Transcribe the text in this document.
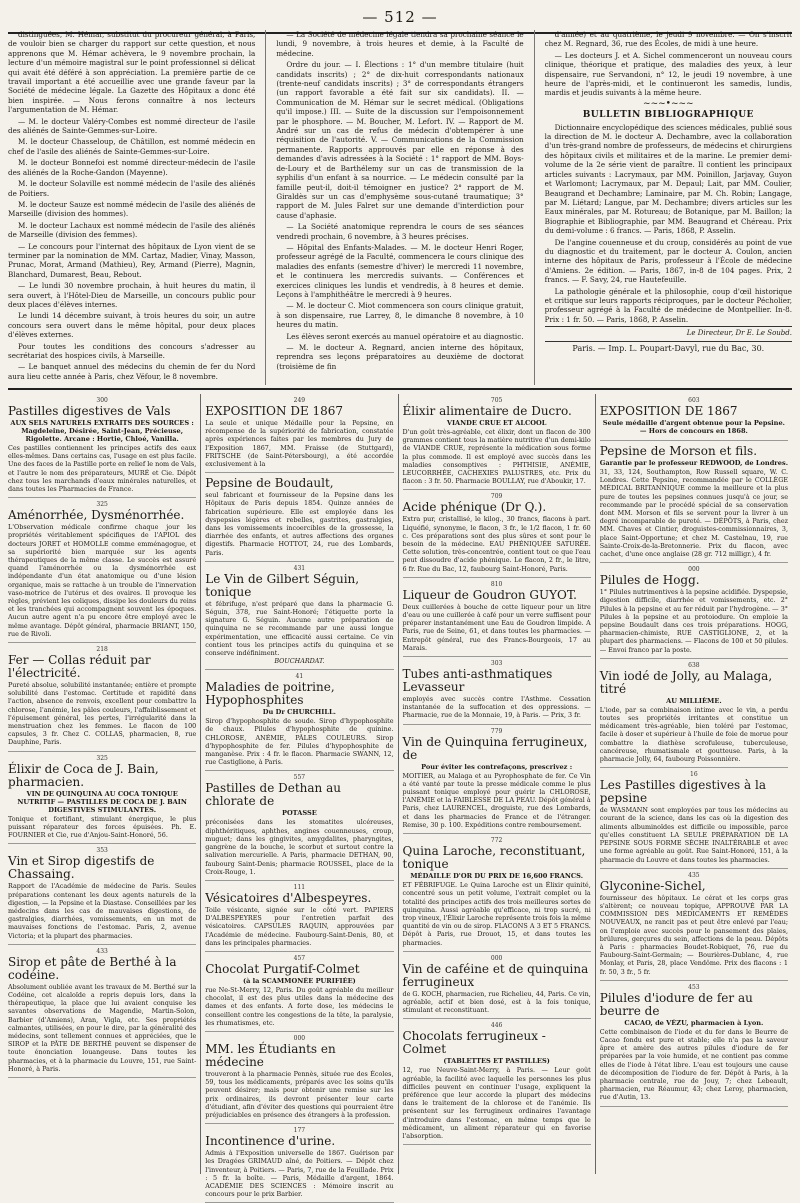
— 512 —

distinguées, M. Hémar, substitut du procureur général, à Paris, de vouloir bien se charger du rapport sur cette question, et nous apprenons que M. Hémar achèvera, le 9 novembre prochain, la lecture d'un mémoire magistral sur le point professionnel si délicat qui avait été déféré à son appréciation. La première partie de ce travail important a été accueillie avec une grande faveur par la Société de médecine légale. La Gazette des Hôpitaux a donc été bien inspirée. — Nous ferons connaître à nos lecteurs l'argumentation de M. Hémar.

— M. le docteur Valéry-Combes est nommé directeur de l'asile des aliénés de Sainte-Gemmes-sur-Loire.

M. le docteur Chasseloup, de Châtillon, est nommé médecin en chef de l'asile des aliénés de Sainte-Gemmes-sur-Loire.

M. le docteur Bonnefoi est nommé directeur-médecin de l'asile des aliénés de la Roche-Gandon (Mayenne).

M. le docteur Solaville est nommé médecin de l'asile des aliénés de Poitiers.

M. le docteur Sauze est nommé médecin de l'asile des aliénés de Marseille (division des hommes).

M. le docteur Lachaux est nommé médecin de l'asile des aliénés de Marseille (division des femmes).

— Le concours pour l'internat des hôpitaux de Lyon vient de se terminer par la nomination de MM. Cartaz, Madier, Vinay, Masson, Prunac, Morat, Armand (Mathieu), Rey, Armand (Pierre), Magnin, Blanchard, Dumarest, Beau, Rebout.

— Le lundi 30 novembre prochain, à huit heures du matin, il sera ouvert, à l'Hôtel-Dieu de Marseille, un concours public pour deux places d'élèves internes.

Le lundi 14 décembre suivant, à trois heures du soir, un autre concours sera ouvert dans le même hôpital, pour deux places d'élèves externes.

Pour toutes les conditions des concours s'adresser au secrétariat des hospices civils, à Marseille.

— Le banquet annuel des médecins du chemin de fer du Nord aura lieu cette année à Paris, chez Véfour, le 8 novembre.

— La Société de médecine légale tiendra sa prochaine séance le lundi, 9 novembre, à trois heures et demie, à la Faculté de médecine.

Ordre du jour. — I. Élections : 1° d'un membre titulaire (huit candidats inscrits) ; 2° de dix-huit correspondants nationaux (trente-neuf candidats inscrits) ; 3° de correspondants étrangers (un rapport favorable a été fait sur six candidats). II. — Communication de M. Hémar sur le secret médical. (Obligations qu'il impose.) III. — Suite de la discussion sur l'empoisonnement par le phosphore. — M. Boucher, M. Lefort. IV. — Rapport de M. André sur un cas de refus de médecin d'obtempérer à une réquisition de l'autorité. V. — Communications de la Commission permanente. Rapports approuvés par elle en réponse à des demandes d'avis adressées à la Société : 1° rapport de MM. Boys-de-Loury et de Barthélemy sur un cas de transmission de la syphilis d'un enfant à sa nourrice. — Le médecin consulté par la famille peut-il, doit-il témoigner en justice? 2° rapport de M. Giraldès sur un cas d'emphysème sous-cutané traumatique; 3° rapport de M. Jules Falret sur une demande d'interdiction pour cause d'aphasie.

— La Société anatomique reprendra le cours de ses séances vendredi prochain, 6 novembre, à 3 heures précises.

— Hôpital des Enfants-Malades. — M. le docteur Henri Roger, professeur agrégé de la Faculté, commencera le cours clinique des maladies des enfants (semestre d'hiver) le mercredi 11 novembre, et le continuera les mercredis suivants. — Conférences et exercices cliniques les lundis et vendredis, à 8 heures et demie. Leçons à l'amphithéâtre le mercredi à 9 heures.

— M. le docteur C. Miot commencera son cours clinique gratuit, à son dispensaire, rue Larrey, 8, le dimanche 8 novembre, à 10 heures du matin.

Les élèves seront exercés au manuel opératoire et au diagnostic.

— M. le docteur A. Regnard, ancien interne des hôpitaux, reprendra ses leçons préparatoires au deuxième de doctorat (troisième de fin

d'année) et au quatrième, le jeudi 9 novembre. — On s'inscrit chez M. Regnard, 36, rue des Écoles, de midi à une heure.

— Les docteurs J. et A. Sichel commenceront un nouveau cours clinique, théorique et pratique, des maladies des yeux, à leur dispensaire, rue Servandoni, n° 12, le jeudi 19 novembre, à une heure de l'après-midi, et le continueront les samedis, lundis, mardis et jeudis suivants à la même heure.

~~~•~~~

BULLETIN BIBLIOGRAPHIQUE

Dictionnaire encyclopédique des sciences médicales, publié sous la direction de M. le docteur A. Dechambre, avec la collaboration d'un très-grand nombre de professeurs, de médecins et chirurgiens des hôpitaux civils et militaires et de la marine. Le premier demi-volume de la 2e série vient de paraître. Il contient les principaux articles suivants : Lacrymaux, par MM. Poinillon, Jarjavay, Guyon et Warlomont; Lacrymaux, par M. Depaul; Lait, par MM. Coulier, Beaugrand et Dechambre; Laminaire, par M. Ch. Robin; Langage, par M. Liétard; Langue, par M. Dechambre; divers articles sur les Eaux minérales, par M. Rotureau; de Botanique, par M. Baillon; la Biographie et Bibliographie, par MM. Beaugrand et Chéreau. Prix du demi-volume : 6 francs. — Paris, 1868, P. Asselin.

De l'angine couenneuse et du croup, considérés au point de vue du diagnostic et du traitement, par le docteur A. Coulon, ancien interne des hôpitaux de Paris, professeur à l'École de médecine d'Amiens. 2e édition. — Paris, 1867, in-8 de 104 pages. Prix, 2 francs. — F. Savy, 24, rue Hautefeuille.

La pathologie générale et la philosophie, coup d'œil historique et critique sur leurs rapports réciproques, par le docteur Pécholier, professeur agrégé à la Faculté de médecine de Montpellier. In-8. Prix : 1 fr. 50. — Paris, 1868, P. Asselin.

Le Directeur, Dr E. Le Soubd.

Paris. — Imp. L. Poupart-Davyl, rue du Bac, 30.

300
Pastilles digestives de Vals
AUX SELS NATURELS EXTRAITS DES SOURCES : Magdeleine, Désirée, Saint-Jean, Précieuse, Rigolette. Arcane : Hortie, Chloé, Vanilla.
Ces pastilles contiennent les principes actifs des eaux elles-mêmes. Dans certains cas, l'usage en est plus facile. Une des faces de la Pastille porte en relief le nom de Vals, et l'autre le nom des préparateurs, MURÉ et Cie. Dépôt chez tous les marchands d'eaux minérales naturelles, et dans toutes les Pharmacies de France.
325
Aménorrhée, Dysménorrhée.
L'Observation médicale confirme chaque jour les propriétés véritablement spécifiques de l'APIOL des docteurs JORET et HOMOLLE comme emménagogue, et sa supériorité bien marquée sur les agents thérapeutiques de la même classe. Le succès est assuré quand l'aménorrhée ou la dysménorrhée est indépendante d'un état anatomique ou d'une lésion organique, mais se rattache à un trouble de l'innervation vaso-motrice de l'utérus et des ovaires. Il provoque les règles, prévient les coliques, dissipe les douleurs du reins et les tranchées qui accompagnent souvent les époques. Aucun autre agent n'a pu encore être employé avec le même avantage. Dépôt général, pharmacie BRIANT, 150, rue de Rivoli.
218
Fer — Collas réduit par l'électricité.
Pureté absolue, solubilité instantanée; entière et prompte solubilité dans l'estomac. Certitude et rapidité dans l'action, absence de renvois, excellent pour combattre la chlorose, l'anémie, les pâles couleurs, l'affaiblissement et l'épuisement général, les pertes, l'irrégularité dans la menstruation chez les femmes. Le flacon de 100 capsules, 3 fr. Chez C. COLLAS, pharmacien, 8, rue Dauphine, Paris.
325
Élixir de Coca de J. Bain, pharmacien.
VIN DE QUINQUINA AU COCA TONIQUE NUTRITIF — PASTILLES DE COCA DE J. BAIN DIGESTIVES STIMULANTES.
Tonique et fortifiant, stimulant énergique, le plus puissant réparateur des forces épuisées. Ph. E. FOURNIER et Cie, rue d'Anjou-Saint-Honoré, 56.
353
Vin et Sirop digestifs de Chassaing.
Rapport de l'Académie de médecine de Paris. Seules préparations contenant les deux agents naturels de la digestion, — la Pepsine et la Diastase. Conseillées par les médecins dans les cas de mauvaises digestions, de gastralgies, diarrhées, vomissements, en un mot de mauvaises fonctions de l'estomac. Paris, 2, avenue Victoria; et la plupart des pharmacies.
433
Sirop et pâte de Berthé à la codéine.
Absolument oubliée avant les travaux de M. Berthé sur la Codéine, cet alcaloïde a repris depuis lors, dans la thérapeutique, la place que lui avaient conquise les savantes observations de Magendie, Martin-Solon, Barbier (d'Amiens), Aran, Vigla, etc. Ses propriétés calmantes, utilisées, en pour le dire, par la généralité des médecins, sont tellement connues et appréciées, que le SIROP et la PÂTE DE BERTHÉ peuvent se dispenser de toute énonciation louangeuse. Dans toutes les pharmacies, et à la pharmacie du Louvre, 151, rue Saint-Honoré, à Paris.
249
EXPOSITION DE 1867
La seule et unique Médaille pour la Pepsine, en récompense de la supériorité de fabrication, constatée après expériences faites par les membres du Jury de l'Exposition 1867, MM. Fraisse (de Stuttgard), FRITSCHE (de Saint-Pétersbourg), a été accordée exclusivement à la
Pepsine de Boudault,
seul fabricant et fournisseur de la Pepsine dans les Hôpitaux de Paris depuis 1854. Quinze années de fabrication supérieure. Elle est employée dans les dyspepsies légères et rebelles, gastrites, gastralgies, dans les vomissements incoercibles de la grossesse, la diarrhée des enfants, et autres affections des organes digestifs. Pharmacie HOTTOT, 24, rue des Lombards, Paris.
431
Le Vin de Gilbert Séguin, tonique
et fébrifuge, n'est préparé que dans la pharmacie G. Séguin, 378, rue Saint-Honoré; l'étiquette porte la signature G. Séguin. Aucune autre préparation de quinquina ne se recommande par une aussi longue expérimentation, une efficacité aussi certaine. Ce vin contient tous les principes actifs du quinquina et se conserve indéfiniment.
BOUCHARDAT.
41
Maladies de poitrine, Hypophosphites
Du Dr CHURCHILL.
Sirop d'hypophosphite de soude. Sirop d'hypophosphite de chaux. Pilules d'hypophosphite de quinine. CHLOROSE, ANÉMIE, PÂLES COULEURS. Sirop d'hypophosphite de fer. Pilules d'hypophosphite de manganèse. Prix : 4 fr. le flacon. Pharmacie SWANN, 12, rue Castiglione, à Paris.
557
Pastilles de Dethan au chlorate de
POTASSE
préconisées dans les stomatites ulcéreuses, diphthéritiques, aphthes, angines couenneuses, croup, muguet; dans les gingivites, amygdalites, pharyngites, gangrène de la bouche, le scorbut et surtout contre la salivation mercurielle. A Paris, pharmacie DETHAN, 90, faubourg Saint-Denis; pharmacie ROUSSEL, place de la Croix-Rouge, 1.
111
Vésicatoires d'Albespeyres.
Toile vésicante, signée sur le côté vert. PAPIERS D'ALBESPEYRES pour l'entretien parfait des vésicatoires. CAPSULES RAQUIN, approuvées par l'Académie de médecine. Faubourg-Saint-Denis, 80, et dans les principales pharmacies.
457
Chocolat Purgatif-Colmet
(à la SCAMMONÉE PURIFIÉE)
rue Ne-St-Merry, 12, Paris. Du goût agréable du meilleur chocolat, il est des plus utiles dans la médecine des dames et des enfants. A forte dose, les médecins le conseillent contre les congestions de la tête, la paralysie, les rhumatismes, etc.
000
MM. les Étudiants en médecine
trouveront à la pharmacie Pennès, située rue des Écoles, 59, tous les médicaments, préparés avec les soins qu'ils peuvent désirer; mais pour obtenir une remise sur les prix ordinaires, ils devront présenter leur carte d'étudiant, afin d'éviter des questions qui pourraient être préjudiciables en présence des étrangers à la profession.
177
Incontinence d'urine.
Admis à l'Exposition universelle de 1867. Guérison par les Dragées GRIMAUD aîné, de Poitiers. — Dépôt chez l'inventeur, à Poitiers. — Paris, 7, rue de la Feuillade. Prix : 5 fr. la boîte. — Paris, Médaille d'argent, 1864. ACADÉMIE DES SCIENCES : Mémoire inscrit au concours pour le prix Barbier.
705
Élixir alimentaire de Ducro.
VIANDE CRUE ET ALCOOL
D'un goût très-agréable, cet élixir, dont un flacon de 300 grammes contient tous la matière nutritive d'un demi-kilo de VIANDE CRUE, représente la médication sous forme la plus commode. Il est employé avec succès dans les maladies consomptives : PHTHISIE, ANÉMIE, LEUCORRHÉE, CACHEXIES PALUSTRES, etc. Prix du flacon : 3 fr. 50. Pharmacie BOULLAY, rue d'Aboukir, 17.
709
Acide phénique (Dr Q.).
Extra pur, cristallisé, le kilog., 30 francs, flacons à part. Liquéfié, synonyme, le flacon, 3 fr., le 1/2 flacon, 1 fr. 60 c. Ces préparations sont des plus sûres et sont pour le besoin de la médecine. EAU PHÉNIQUÉE SATURÉE. Cette solution, très-concentrée, contient tout ce que l'eau peut dissoudre d'acide phénique. Le flacon, 2 fr., le litre, 6 fr. Rue du Bac, 12, faubourg Saint-Honoré, Paris.
810
Liqueur de Goudron GUYOT.
Deux cuillerées à bouche de cette liqueur pour un litre d'eau ou une cuillerée à café pour un verre suffisent pour préparer instantanément une Eau de Goudron limpide. A Paris, rue de Seine, 61, et dans toutes les pharmacies. — Entrepôt général, rue des Francs-Bourgeois, 17 au Marais.
303
Tubes anti-asthmatiques Levasseur
employés avec succès contre l'Asthme. Cessation instantanée de la suffocation et des oppressions. — Pharmacie, rue de la Monnaie, 19, à Paris. — Prix, 3 fr.
779
Vin de Quinquina ferrugineux, de
Pour éviter les contrefaçons, prescrivez :
MOITIER, au Malaga et au Pyrophosphate de fer. Ce Vin a été vanté par toute la presse médicale comme le plus puissant tonique employé pour guérir la CHLOROSE, l'ANÉMIE et la FAIBLESSE DE LA PEAU. Dépôt général à Paris, chez LAURENCEL, droguiste, rue des Lombards, et dans les pharmacies de France et de l'étranger. Remise, 30 p. 100. Expéditions contre remboursement.
772
Quina Laroche, reconstituant, tonique
MÉDAILLE D'OR DU PRIX DE 16,600 FRANCS.
ET FÉBRIFUGE. Le Quina Laroche est un Élixir quinité, concentré sous un petit volume, l'extrait complet ou la totalité des principes actifs des trois meilleures sortes de quinquina. Aussi agréable qu'efficace, ni trop sucré, ni trop vineux, l'Élixir Laroche représente trois fois la même quantité de vin ou de sirop. FLACONS A 3 ET 5 FRANCS. Dépôt à Paris, rue Drouot, 15, et dans toutes les pharmacies.
000
Vin de caféine et de quinquina ferrugineux
de G. KOCH, pharmacien, rue Richelieu, 44, Paris. Ce vin, agréable, actif et bien dosé, est à la fois tonique, stimulant et reconstituant.
446
Chocolats ferrugineux - Colmet
(TABLETTES ET PASTILLES)
12, rue Neuve-Saint-Merry, à Paris. — Leur goût agréable, la facilité avec laquelle les personnes les plus difficiles peuvent en continuer l'usage, expliquent la préférence que leur accorde la plupart des médecins dans le traitement de la chlorose et de l'anémie. Ils présentent sur les ferrugineux ordinaires l'avantage d'introduire dans l'estomac, en même temps que le médicament, un aliment réparateur qui en favorise l'absorption.
603
EXPOSITION DE 1867
Seule médaille d'argent obtenue pour la Pepsine. — Hors de concours en 1868.
Pepsine de Morson et fils.
Garantie par le professeur REDWOOD, de Londres.
31, 33, 124, Southampton, Row Russell square, W. C. Londres. Cette Pepsine, recommandée par le COLLÈGE MÉDICAL BRITANNIQUE comme la meilleure et la plus pure de toutes les pepsines connues jusqu'à ce jour, se recommande par le procédé spécial de sa conservation dont MM. Morson et fils se servent pour la livrer à un degré incomparable de pureté. — DÉPÔTS, à Paris, chez MM. Chaves et Cintier, droguistes-commissionnaires, 3, place Saint-Opportune; et chez M. Castelnau, 19, rue Sainte-Croix-de-la-Bretonnerie. Prix du flacon, avec cachet, d'une once anglaise (28 gr. 712 milligr.), 4 fr.
000
Pilules de Hogg.
1° Pilules nutrimentives à la pepsine acidifiée. Dyspepsie, digestion difficile, diarrhée et vomissements, etc. 2° Pilules à la pepsine et au fer réduit par l'hydrogène. — 3° Pilules à la pepsine et au protoiodure. On emploie la pepsine Boudault dans ces trois préparations. HOGG, pharmacien-chimiste, RUE CASTIGLIONE, 2, et la plupart des pharmaciens. — Flacons de 100 et 50 pilules. — Envoi franco par la poste.
638
Vin iodé de Jolly, au Malaga, titré
AU MILLIÈME.
L'iode, par sa combinaison intime avec le vin, a perdu toutes ses propriétés irritantes et constitue un médicament très-agréable, bien toléré par l'estomac, facile à doser et supérieur à l'huile de foie de morue pour combattre la diathèse scrofuleuse, tuberculeuse, cancéreuse, rhumatismale et goutteuse. Paris, à la pharmacie Jolly, 64, faubourg Poissonnière.
16
Les Pastilles digestives à la pepsine
de WASMANN sont employées par tous les médecins au courant de la science, dans les cas où la digestion des aliments albuminoïdes est difficile ou impossible, parce qu'elles constituent LA SEULE PRÉPARATION DE LA PEPSINE SOUS FORME SÈCHE INALTÉRABLE et avec une forme agréable au goût. Rue Saint-Honoré, 151, à la pharmacie du Louvre et dans toutes les pharmacies.
435
Glyconine-Sichel,
fournisseur des hôpitaux. Le cérat et les corps gras s'altèrent; ce nouveau topique, APPROUVÉ PAR LA COMMISSION DES MÉDICAMENTS ET REMÈDES NOUVEAUX, ne rancit pas et peut être enlevé par l'eau; on l'emploie avec succès pour le pansement des plaies, brûlures, gerçures du sein, affections de la peau. Dépôts à Paris : pharmacies Boudet-Robiquet, 76, rue du Faubourg-Saint-Germain; — Bourières-Dublanc, 4, rue Monlay, et Paris, 28, place Vendôme. Prix des flacons : 1 fr. 50, 3 fr., 5 fr.
453
Pilules d'iodure de fer au beurre de
CACAO, de VÉZU, pharmacien à Lyon.
Cette combinaison de l'iode et du fer dans le Beurre de Cacao fondu est pure et stable; elle n'a pas la saveur âpre et amère des autres pilules d'iodure de fer préparées par la voie humide, et ne contient pas comme elles de l'iode à l'état libre. L'eau est toujours une cause de décomposition de l'iodure de fer. Dépôt à Paris, à la pharmacie centrale, rue de Jouy, 7; chez Lebeault, pharmacien, rue Réaumur, 43; chez Leroy, pharmacien, rue d'Autin, 13.
